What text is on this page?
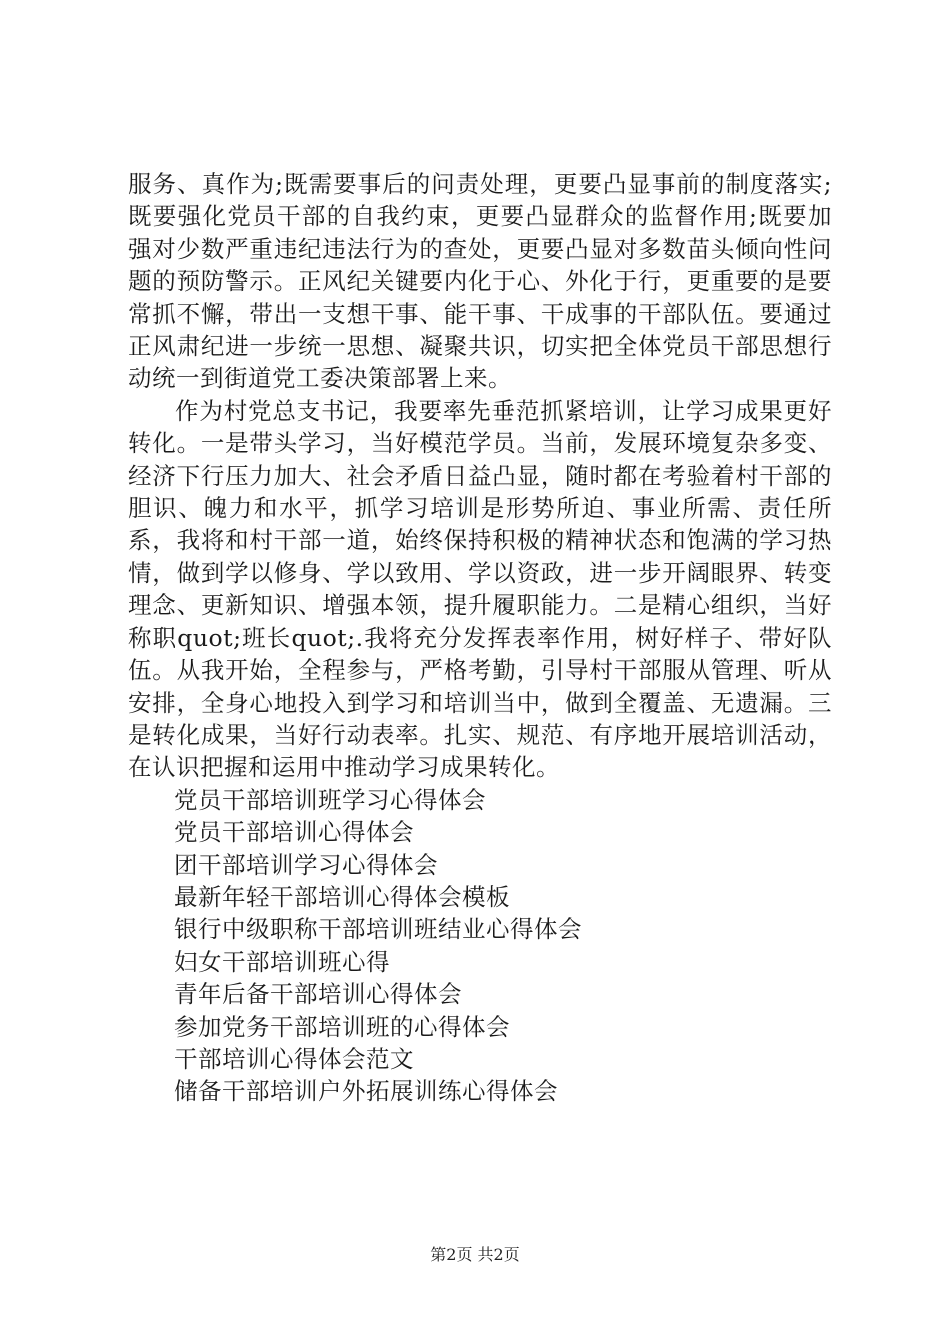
服务、真作为;既需要事后的问责处理，更要凸显事前的制度落实;既要强化党员干部的自我约束，更要凸显群众的监督作用;既要加强对少数严重违纪违法行为的查处，更要凸显对多数苗头倾向性问题的预防警示。正风纪关键要内化于心、外化于行，更重要的是要常抓不懈，带出一支想干事、能干事、干成事的干部队伍。要通过正风肃纪进一步统一思想、凝聚共识，切实把全体党员干部思想行动统一到街道党工委决策部署上来。

作为村党总支书记，我要率先垂范抓紧培训，让学习成果更好转化。一是带头学习，当好模范学员。当前，发展环境复杂多变、经济下行压力加大、社会矛盾日益凸显，随时都在考验着村干部的胆识、魄力和水平，抓学习培训是形势所迫、事业所需、责任所系，我将和村干部一道，始终保持积极的精神状态和饱满的学习热情，做到学以修身、学以致用、学以资政，进一步开阔眼界、转变理念、更新知识、增强本领，提升履职能力。二是精心组织，当好称职quot;班长quot;.我将充分发挥表率作用，树好样子、带好队伍。从我开始，全程参与，严格考勤，引导村干部服从管理、听从安排，全身心地投入到学习和培训当中，做到全覆盖、无遗漏。三是转化成果，当好行动表率。扎实、规范、有序地开展培训活动，在认识把握和运用中推动学习成果转化。

党员干部培训班学习心得体会
党员干部培训心得体会
团干部培训学习心得体会
最新年轻干部培训心得体会模板
银行中级职称干部培训班结业心得体会
妇女干部培训班心得
青年后备干部培训心得体会
参加党务干部培训班的心得体会
干部培训心得体会范文
储备干部培训户外拓展训练心得体会
第2页 共2页
